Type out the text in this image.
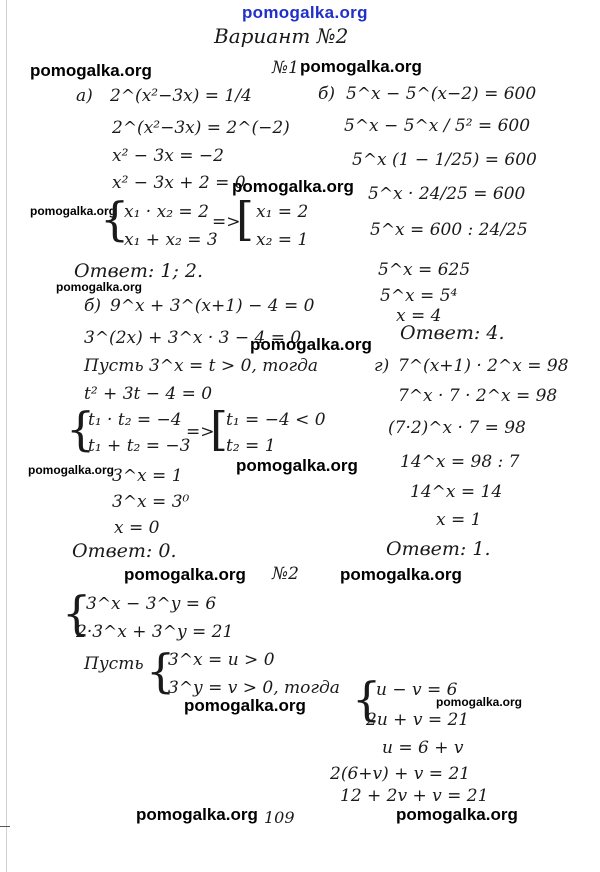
pomogalka.org
Вариант №2
pomogalka.org	№1 pomogalka.org
а) 2^(x²−3x) = 1/4
2^(x²−3x) = 2^(−2)
x² − 3x = −2
x² − 3x + 2 = 0
pomogalka.org
pomogalka.org
{
x₁ · x₂ = 2
x₁ + x₂ = 3
=>
[ x₁ = 2
x₂ = 1
Ответ: 1; 2.
pomogalka.org
б) 5^x − 5^(x−2) = 600
5^x − 5^x / 5² = 600
5^x (1 − 1/25) = 600
5^x · 24/25 = 600
5^x = 600 : 24/25
5^x = 625
5^x = 5⁴
x = 4
Ответ: 4.
б) 9^x + 3^(x+1) − 4 = 0
3^(2x) + 3^x · 3 − 4 = 0
pomogalka.org
Пусть 3^x = t > 0, тогда
t² + 3t − 4 = 0
{
t₁ · t₂ = −4
t₁ + t₂ = −3
=>
[
t₁ = −4 < 0
t₂ = 1
pomogalka.org
pomogalka.org
3^x = 1
3^x = 3⁰
x = 0
Ответ: 0.
г) 7^(x+1) · 2^x = 98
7^x · 7 · 2^x = 98
(7·2)^x · 7 = 98
14^x = 98 : 7
14^x = 14
x = 1
Ответ: 1.
pomogalka.org №2 pomogalka.org
{
3^x − 3^y = 6
2·3^x + 3^y = 21
Пусть {
3^x = u > 0
3^y = v > 0, тогда {
u − v = 6
2u + v = 21
pomogalka.org	pomogalka.org
u = 6 + v
2(6+v) + v = 21
12 + 2v + v = 21
pomogalka.org 109	pomogalka.org
